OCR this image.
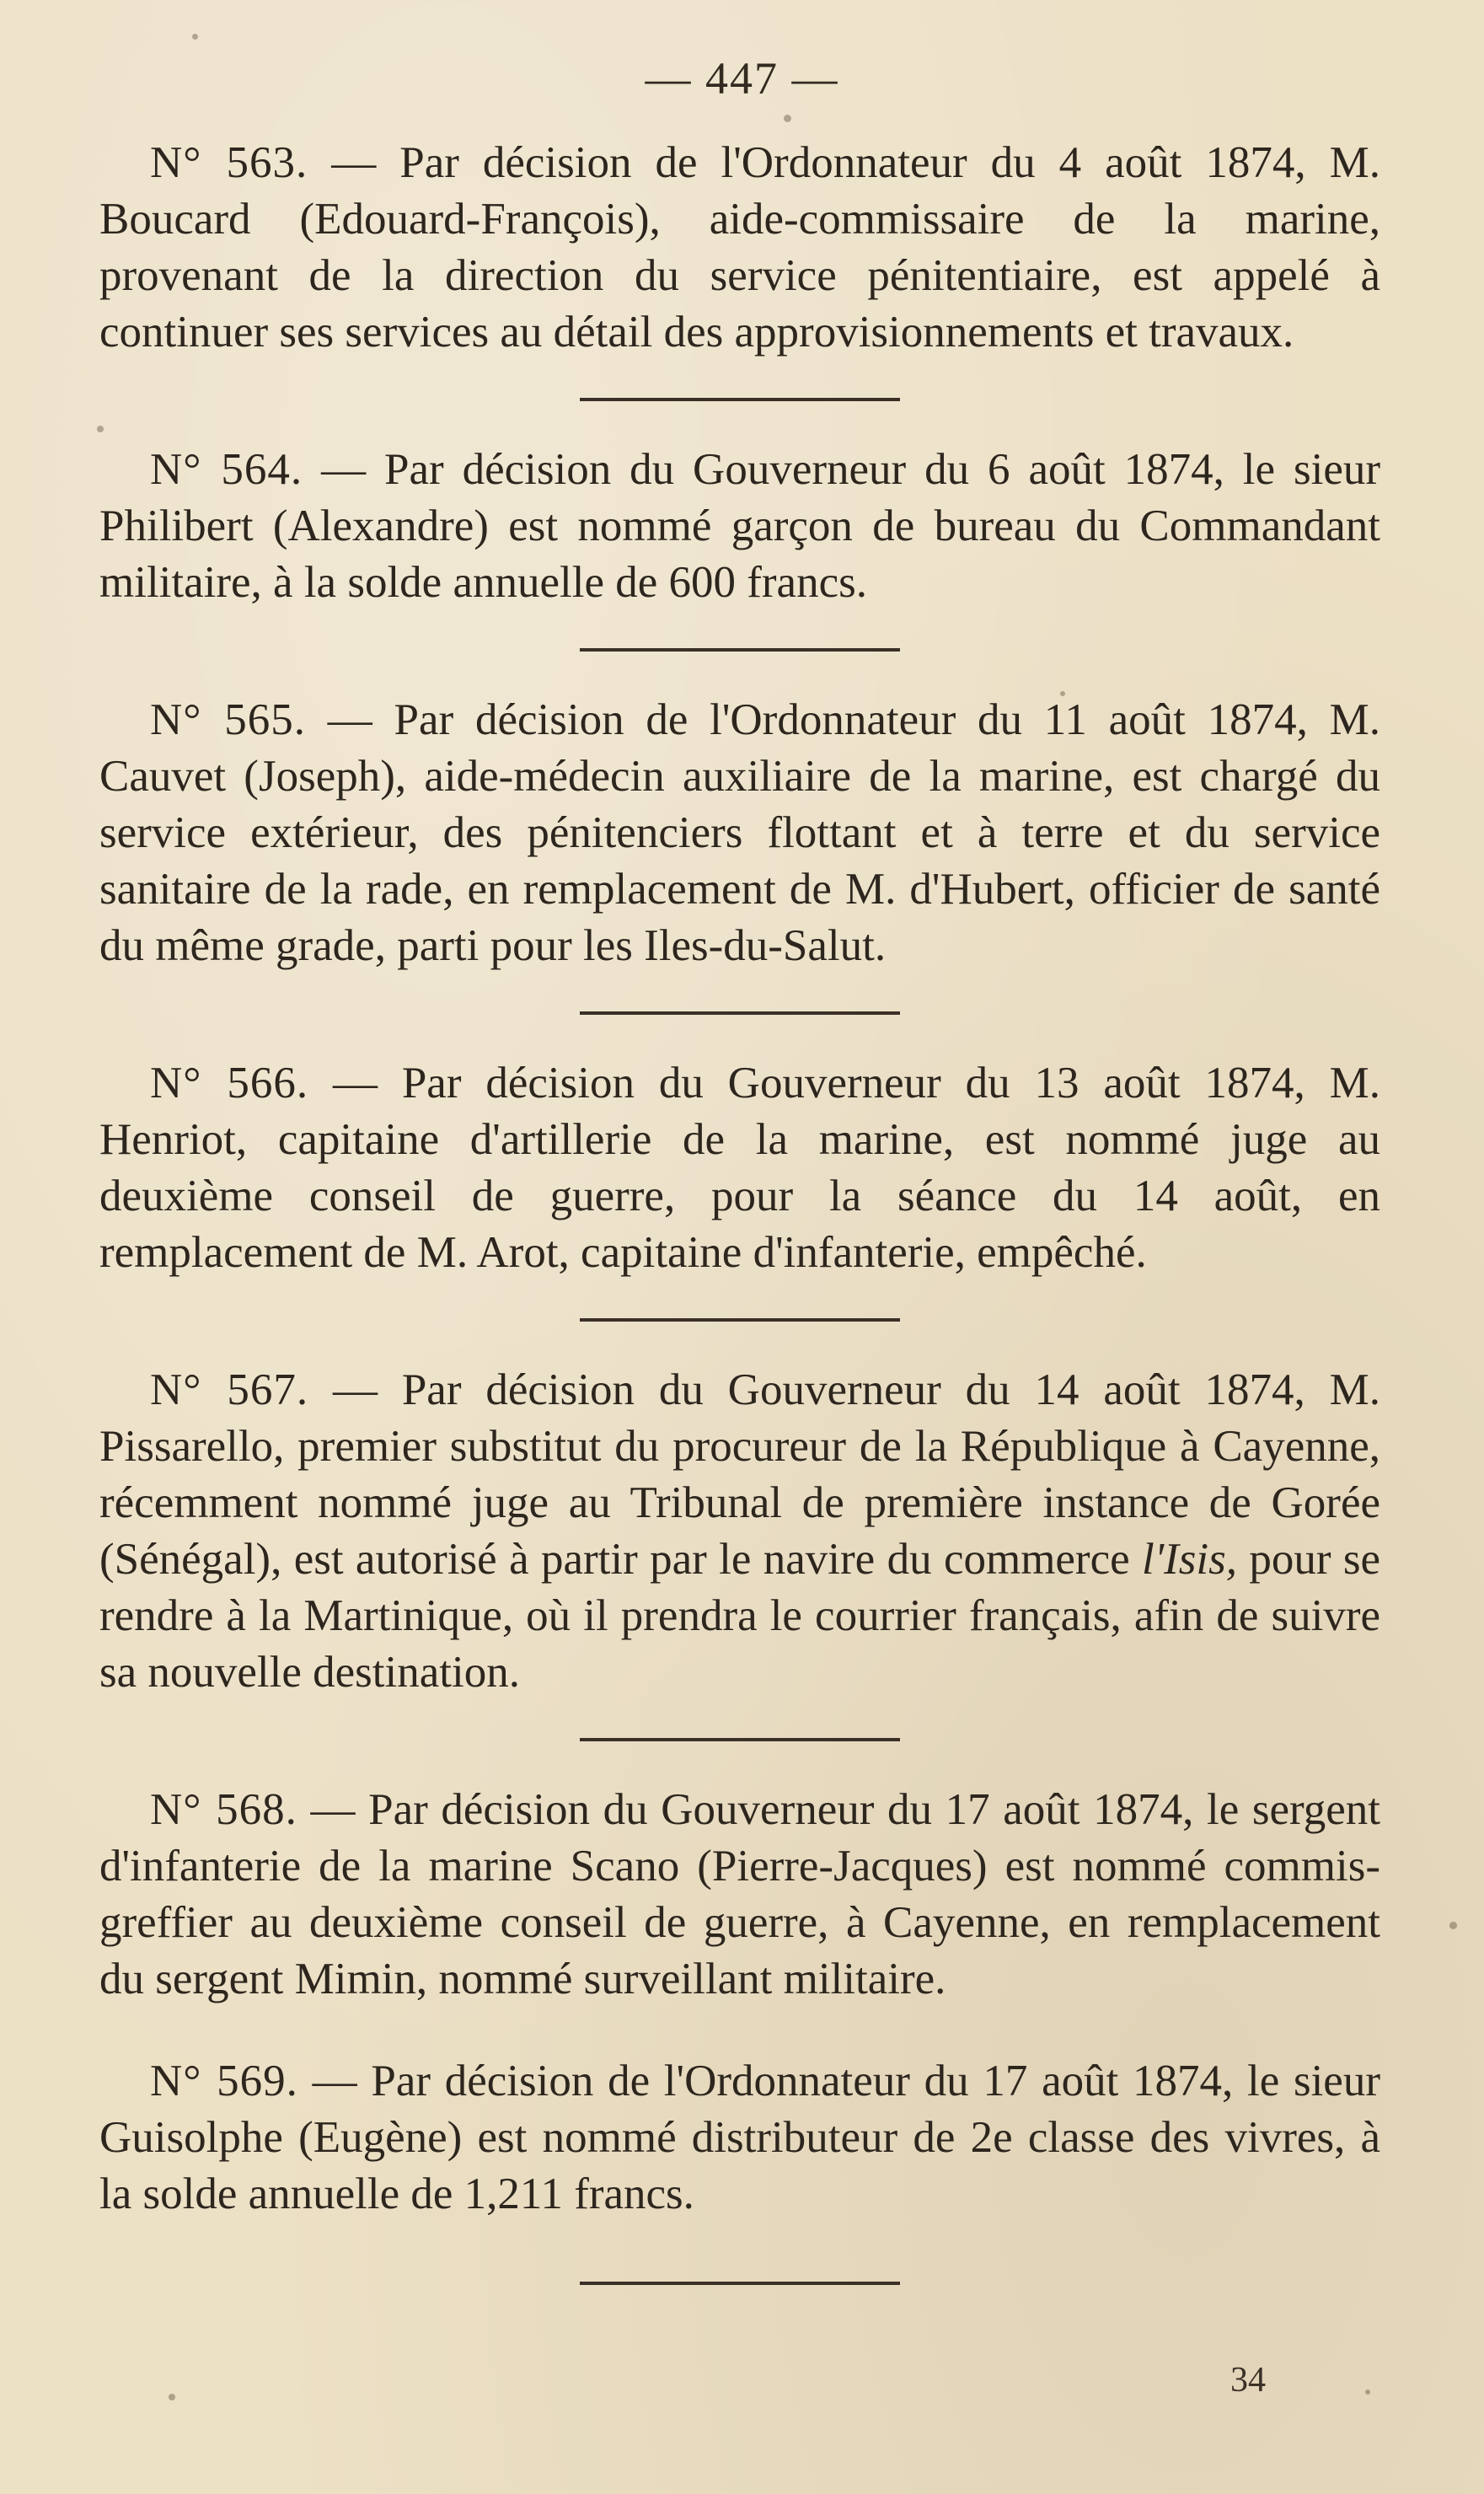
— 447 —

N° 563. — Par décision de l'Ordonnateur du 4 août 1874, M. Boucard (Edouard-François), aide-commissaire de la marine, provenant de la direction du service pénitentiaire, est appelé à continuer ses services au détail des approvisionnements et travaux.

N° 564. — Par décision du Gouverneur du 6 août 1874, le sieur Philibert (Alexandre) est nommé garçon de bureau du Commandant militaire, à la solde annuelle de 600 francs.

N° 565. — Par décision de l'Ordonnateur du 11 août 1874, M. Cauvet (Joseph), aide-médecin auxiliaire de la marine, est chargé du service extérieur, des pénitenciers flottant et à terre et du service sanitaire de la rade, en remplacement de M. d'Hubert, officier de santé du même grade, parti pour les Iles-du-Salut.

N° 566. — Par décision du Gouverneur du 13 août 1874, M. Henriot, capitaine d'artillerie de la marine, est nommé juge au deuxième conseil de guerre, pour la séance du 14 août, en remplacement de M. Arot, capitaine d'infanterie, empêché.

N° 567. — Par décision du Gouverneur du 14 août 1874, M. Pissarello, premier substitut du procureur de la République à Cayenne, récemment nommé juge au Tribunal de première instance de Gorée (Sénégal), est autorisé à partir par le navire du commerce l'Isis, pour se rendre à la Martinique, où il prendra le courrier français, afin de suivre sa nouvelle destination.

N° 568. — Par décision du Gouverneur du 17 août 1874, le sergent d'infanterie de la marine Scano (Pierre-Jacques) est nommé commis-greffier au deuxième conseil de guerre, à Cayenne, en remplacement du sergent Mimin, nommé surveillant militaire.

N° 569. — Par décision de l'Ordonnateur du 17 août 1874, le sieur Guisolphe (Eugène) est nommé distributeur de 2e classe des vivres, à la solde annuelle de 1,211 francs.

34
